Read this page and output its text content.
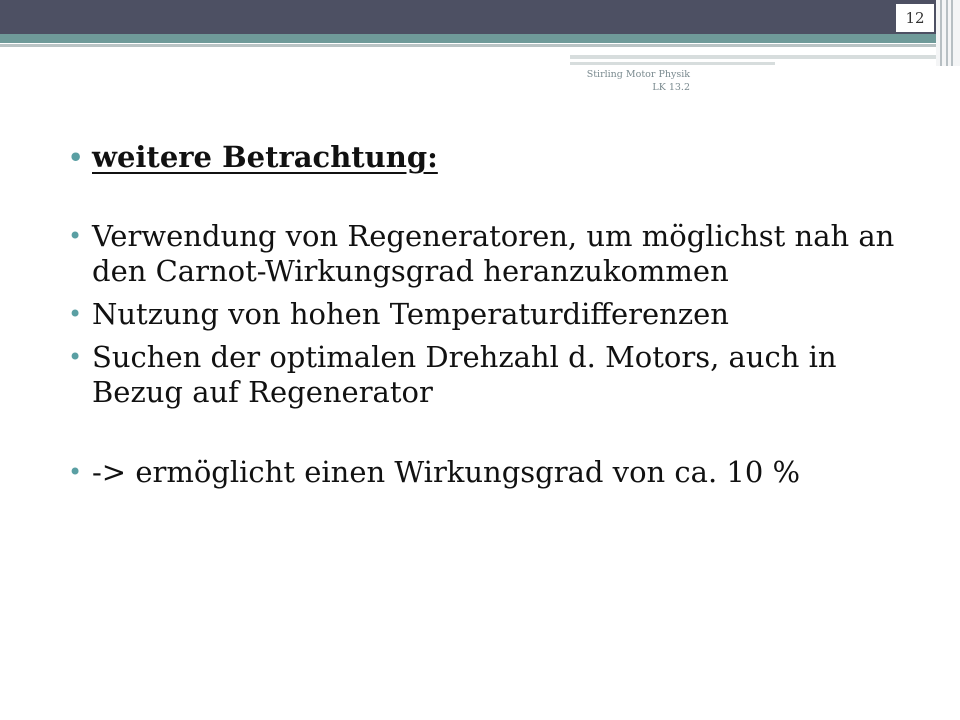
12
Stirling Motor Physik
LK 13.2
• weitere Betrachtung:
• Verwendung von Regeneratoren, um möglichst nah an den Carnot-Wirkungsgrad heranzukommen
• Nutzung von hohen Temperaturdifferenzen
• Suchen der optimalen Drehzahl d. Motors, auch in Bezug auf Regenerator
• -> ermöglicht einen Wirkungsgrad von ca. 10 %
